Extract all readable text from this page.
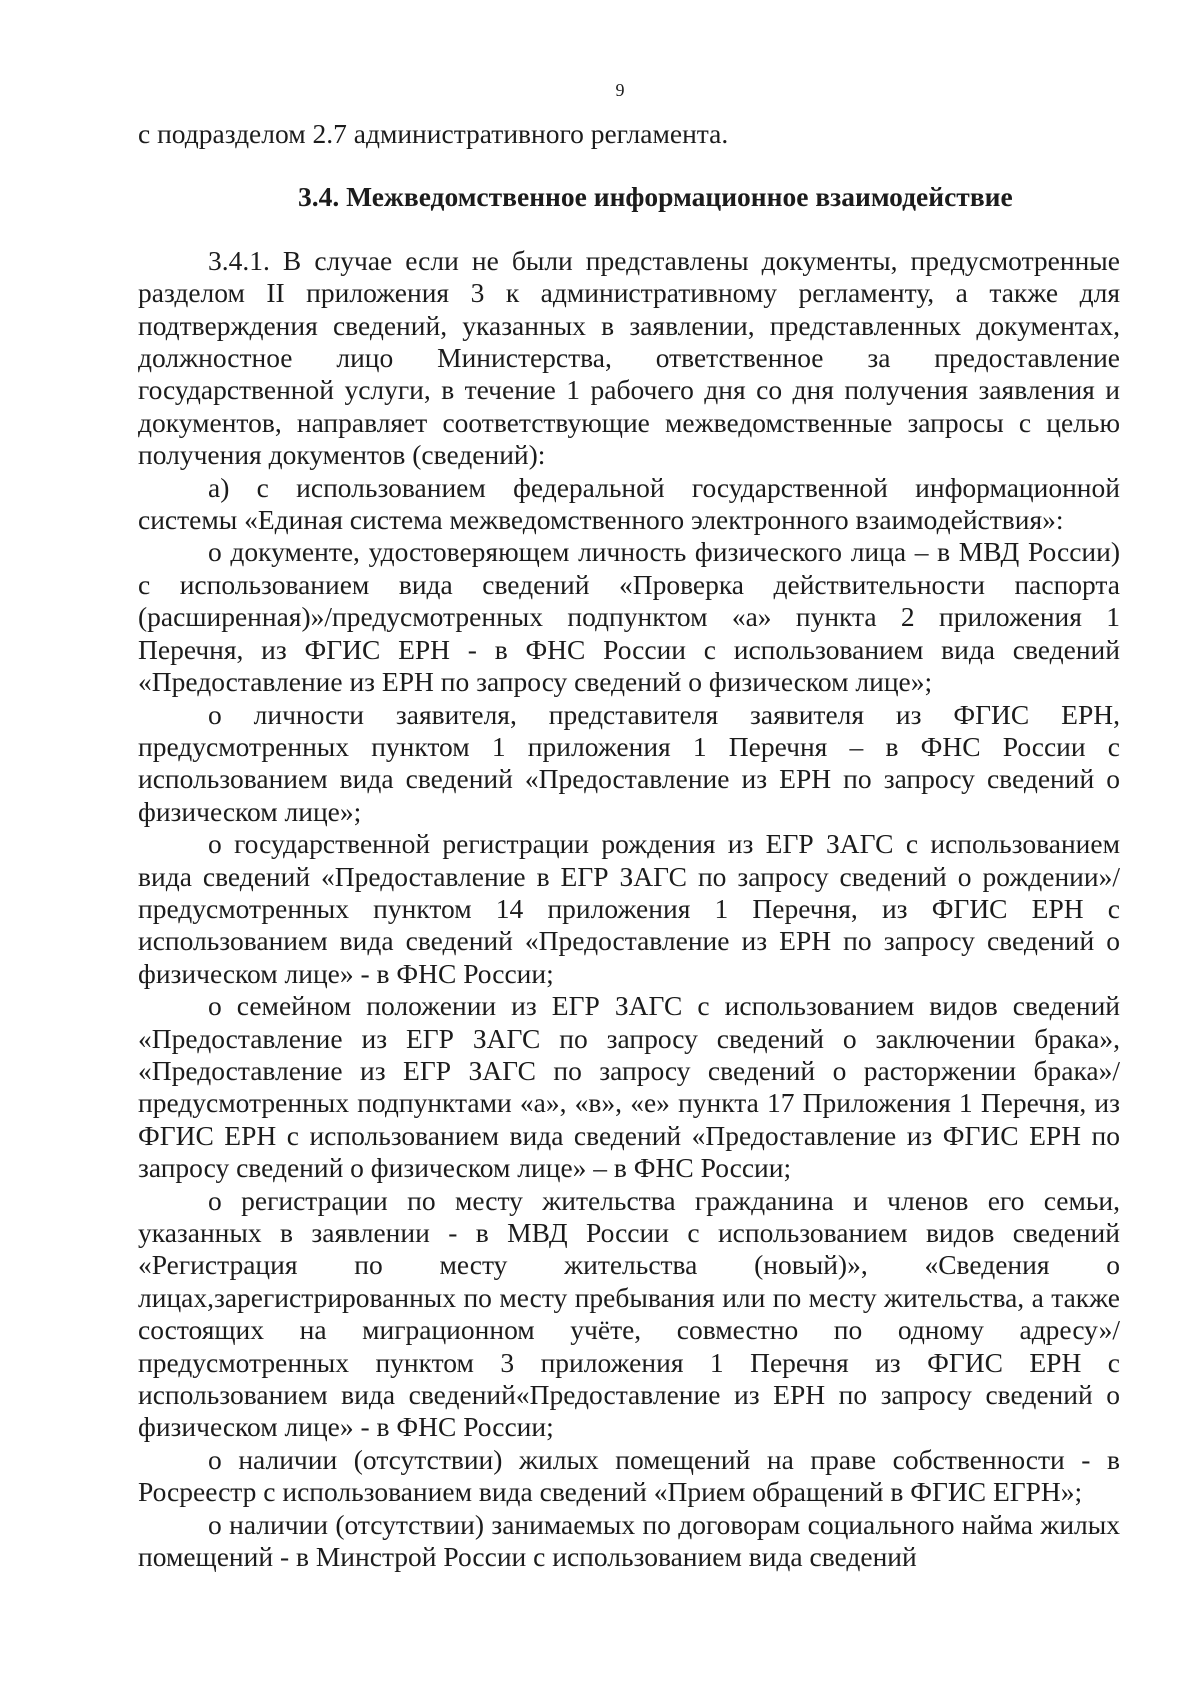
9

с подразделом 2.7 административного регламента.

3.4. Межведомственное информационное взаимодействие

3.4.1. В случае если не были представлены документы, предусмотренные разделом II приложения 3 к административному регламенту, а также для подтверждения сведений, указанных в заявлении, представленных документах, должностное лицо Министерства, ответственное за предоставление государственной услуги, в течение 1 рабочего дня со дня получения заявления и документов, направляет соответствующие межведомственные запросы с целью получения документов (сведений):

а) с использованием федеральной государственной информационной системы «Единая система межведомственного электронного взаимодействия»:

о документе, удостоверяющем личность физического лица – в МВД России) с использованием вида сведений «Проверка действительности паспорта (расширенная)»/предусмотренных подпунктом «а» пункта 2 приложения 1 Перечня, из ФГИС ЕРН - в ФНС России с использованием вида сведений «Предоставление из ЕРН по запросу сведений о физическом лице»;

о личности заявителя, представителя заявителя из ФГИС ЕРН, предусмотренных пунктом 1 приложения 1 Перечня – в ФНС России с использованием вида сведений «Предоставление из ЕРН по запросу сведений о физическом лице»;

о государственной регистрации рождения из ЕГР ЗАГС с использованием вида сведений «Предоставление в ЕГР ЗАГС по запросу сведений о рождении»/предусмотренных пунктом 14 приложения 1 Перечня, из ФГИС ЕРН с использованием вида сведений «Предоставление из ЕРН по запросу сведений о физическом лице» - в ФНС России;

о семейном положении из ЕГР ЗАГС с использованием видов сведений «Предоставление из ЕГР ЗАГС по запросу сведений о заключении брака», «Предоставление из ЕГР ЗАГС по запросу сведений о расторжении брака»/предусмотренных подпунктами «а», «в», «е» пункта 17 Приложения 1 Перечня, из ФГИС ЕРН с использованием вида сведений «Предоставление из ФГИС ЕРН по запросу сведений о физическом лице» – в ФНС России;

о регистрации по месту жительства гражданина и членов его семьи, указанных в заявлении - в МВД России с использованием видов сведений «Регистрация по месту жительства (новый)», «Сведения о лицах,зарегистрированных по месту пребывания или по месту жительства, а также состоящих на миграционном учёте, совместно по одному адресу»/предусмотренных пунктом 3 приложения 1 Перечня из ФГИС ЕРН с использованием вида сведений«Предоставление из ЕРН по запросу сведений о физическом лице» - в ФНС России;

о наличии (отсутствии) жилых помещений на праве собственности - в Росреестр с использованием вида сведений «Прием обращений в ФГИС ЕГРН»;

о наличии (отсутствии) занимаемых по договорам социального найма жилых помещений - в Минстрой России с использованием вида сведений
